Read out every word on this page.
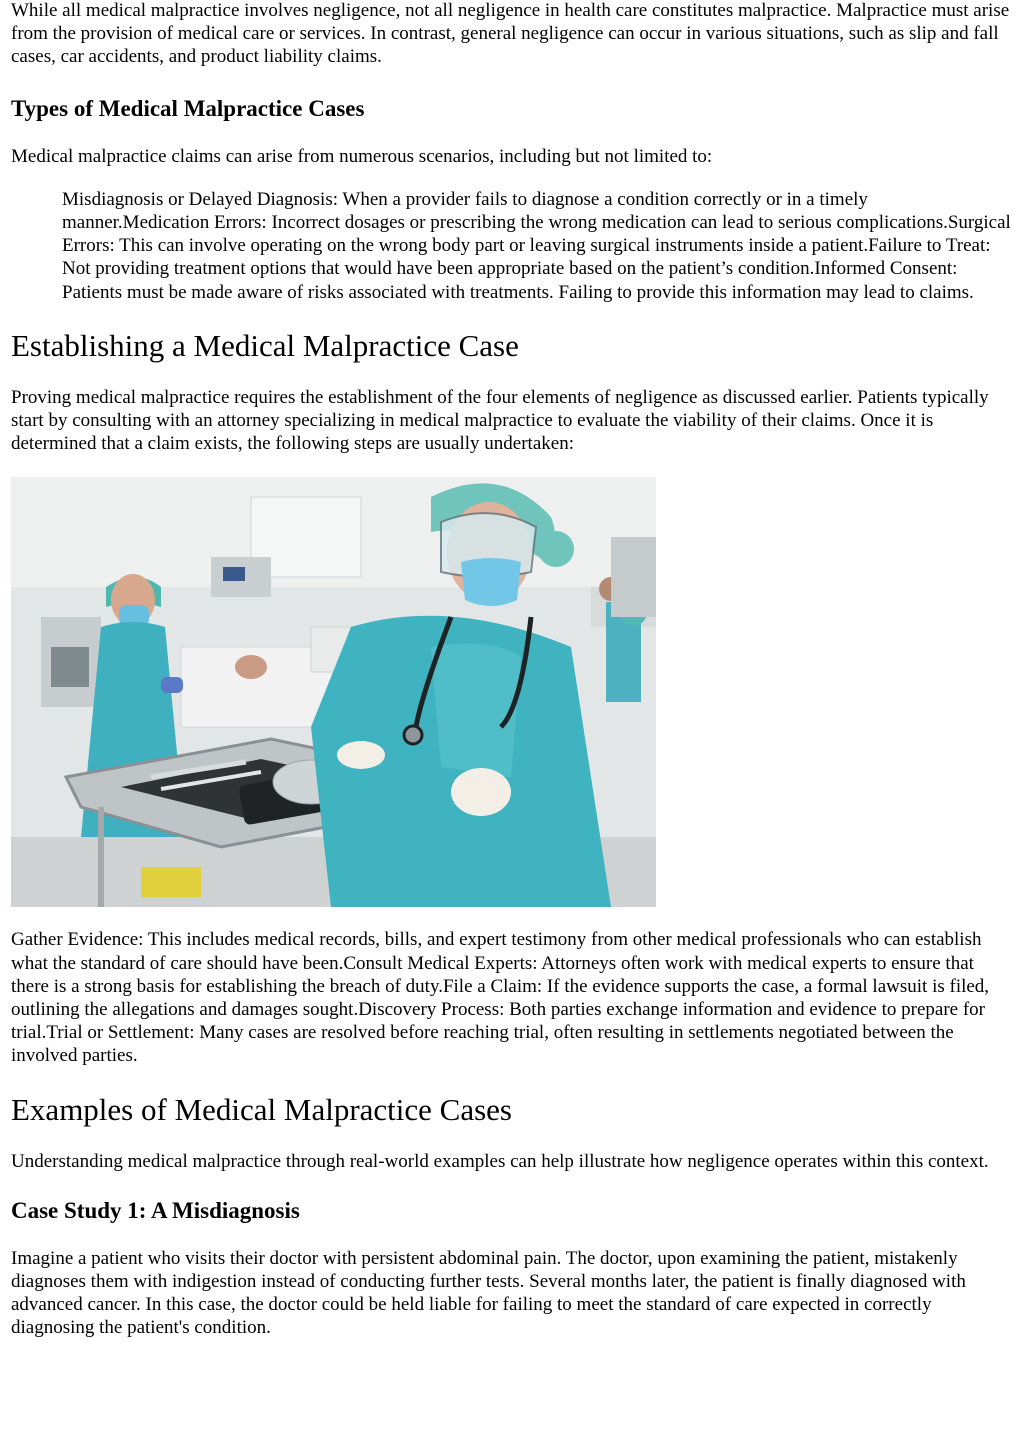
While all medical malpractice involves negligence, not all negligence in health care constitutes malpractice. Malpractice must arise from the provision of medical care or services. In contrast, general negligence can occur in various situations, such as slip and fall cases, car accidents, and product liability claims.

Types of Medical Malpractice Cases

Medical malpractice claims can arise from numerous scenarios, including but not limited to:

Misdiagnosis or Delayed Diagnosis: When a provider fails to diagnose a condition correctly or in a timely manner.Medication Errors: Incorrect dosages or prescribing the wrong medication can lead to serious complications.Surgical Errors: This can involve operating on the wrong body part or leaving surgical instruments inside a patient.Failure to Treat: Not providing treatment options that would have been appropriate based on the patient’s condition.Informed Consent: Patients must be made aware of risks associated with treatments. Failing to provide this information may lead to claims.

Establishing a Medical Malpractice Case

Proving medical malpractice requires the establishment of the four elements of negligence as discussed earlier. Patients typically start by consulting with an attorney specializing in medical malpractice to evaluate the viability of their claims. Once it is determined that a claim exists, the following steps are usually undertaken:

Gather Evidence: This includes medical records, bills, and expert testimony from other medical professionals who can establish what the standard of care should have been.Consult Medical Experts: Attorneys often work with medical experts to ensure that there is a strong basis for establishing the breach of duty.File a Claim: If the evidence supports the case, a formal lawsuit is filed, outlining the allegations and damages sought.Discovery Process: Both parties exchange information and evidence to prepare for trial.Trial or Settlement: Many cases are resolved before reaching trial, often resulting in settlements negotiated between the involved parties.

Examples of Medical Malpractice Cases

Understanding medical malpractice through real-world examples can help illustrate how negligence operates within this context.

Case Study 1: A Misdiagnosis

Imagine a patient who visits their doctor with persistent abdominal pain. The doctor, upon examining the patient, mistakenly diagnoses them with indigestion instead of conducting further tests. Several months later, the patient is finally diagnosed with advanced cancer. In this case, the doctor could be held liable for failing to meet the standard of care expected in correctly diagnosing the patient's condition.
